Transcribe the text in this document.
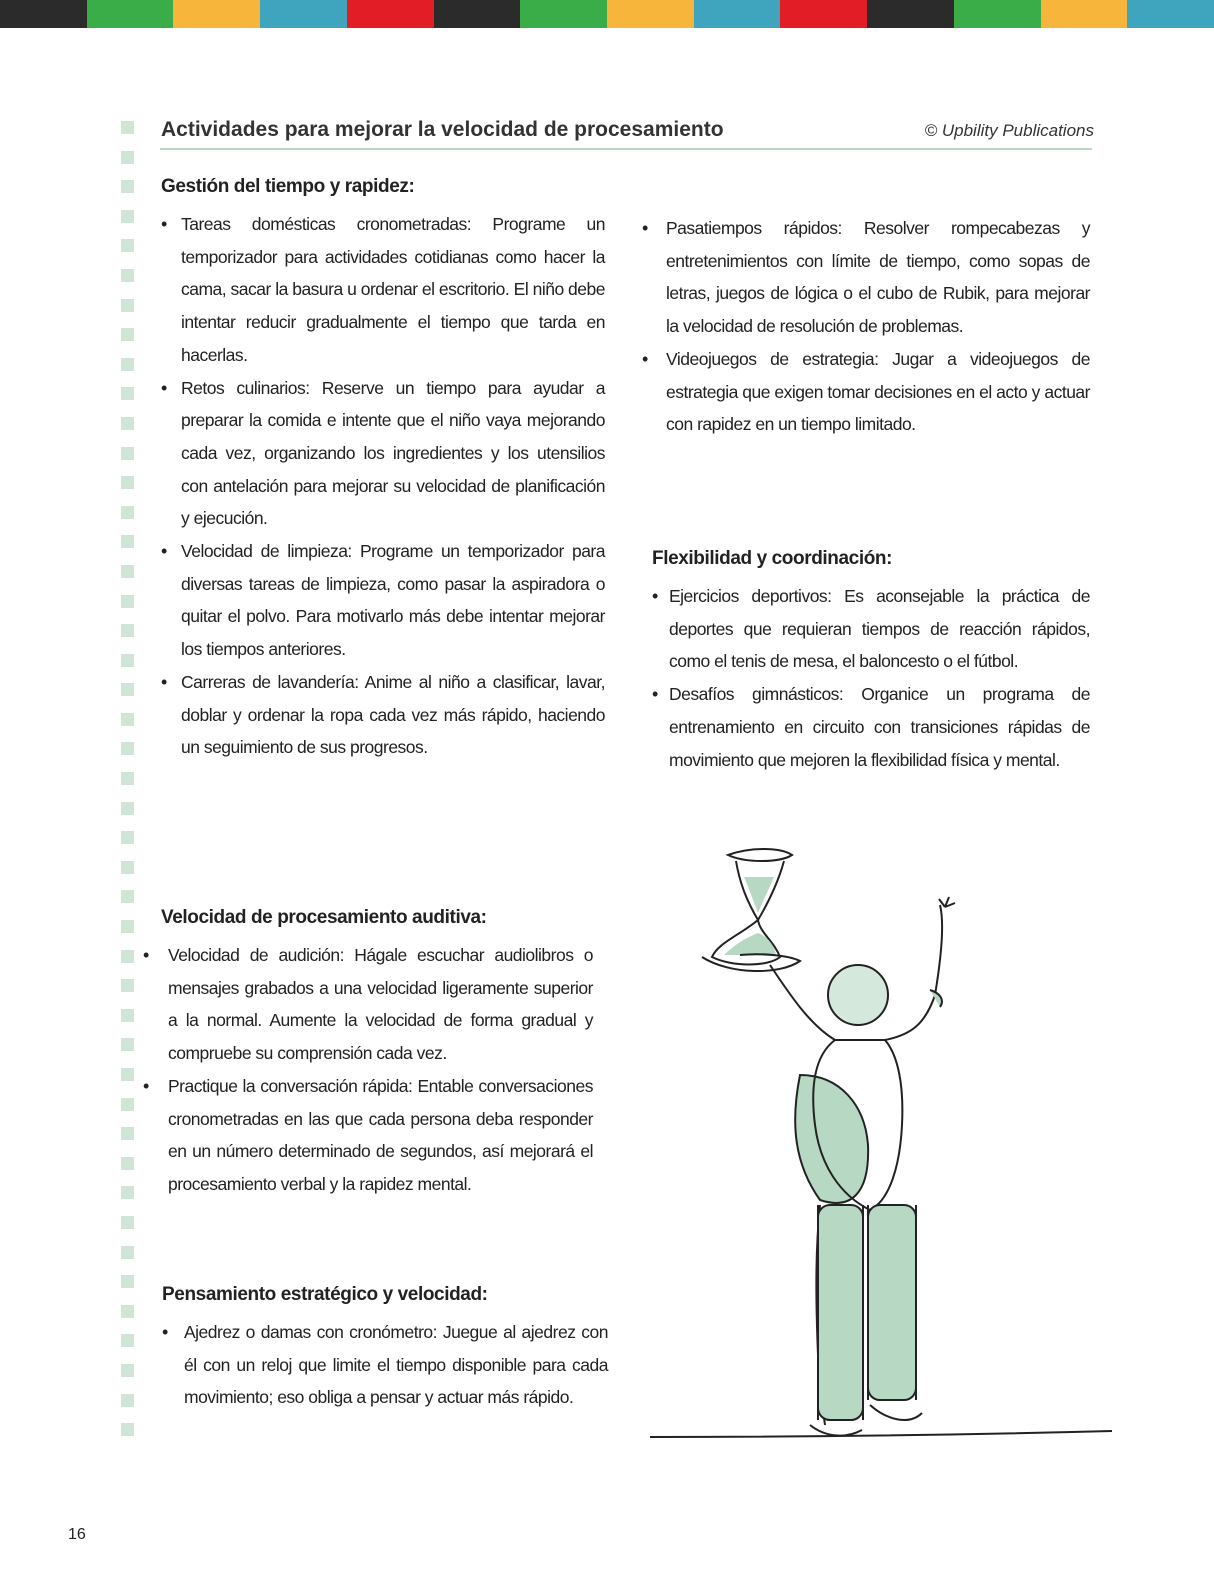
Actividades para mejorar la velocidad de procesamiento	© Upbility Publications
Gestión del tiempo y rapidez:
• Tareas domésticas cronometradas: Programe un temporizador para actividades cotidianas como hacer la cama, sacar la basura u ordenar el escritorio. El niño debe intentar reducir gradualmente el tiempo que tarda en hacerlas.
• Retos culinarios: Reserve un tiempo para ayudar a preparar la comida e intente que el niño vaya mejorando cada vez, organizando los ingredientes y los utensilios con antelación para mejorar su velocidad de planificación y ejecución.
• Velocidad de limpieza: Programe un temporizador para diversas tareas de limpieza, como pasar la aspiradora o quitar el polvo. Para motivarlo más debe intentar mejorar los tiempos anteriores.
• Carreras de lavandería: Anime al niño a clasificar, lavar, doblar y ordenar la ropa cada vez más rápido, haciendo un seguimiento de sus progresos.
• Pasatiempos rápidos: Resolver rompecabezas y entretenimientos con límite de tiempo, como sopas de letras, juegos de lógica o el cubo de Rubik, para mejorar la velocidad de resolución de problemas.
• Videojuegos de estrategia: Jugar a videojuegos de estrategia que exigen tomar decisiones en el acto y actuar con rapidez en un tiempo limitado.
Flexibilidad y coordinación:
• Ejercicios deportivos: Es aconsejable la práctica de deportes que requieran tiempos de reacción rápidos, como el tenis de mesa, el baloncesto o el fútbol.
• Desafíos gimnásticos: Organice un programa de entrenamiento en circuito con transiciones rápidas de movimiento que mejoren la flexibilidad física y mental.
Velocidad de procesamiento auditiva:
• Velocidad de audición: Hágale escuchar audiolibros o mensajes grabados a una velocidad ligeramente superior a la normal. Aumente la velocidad de forma gradual y compruebe su comprensión cada vez.
• Practique la conversación rápida: Entable conversaciones cronometradas en las que cada persona deba responder en un número determinado de segundos, así mejorará el procesamiento verbal y la rapidez mental.
Pensamiento estratégico y velocidad:
• Ajedrez o damas con cronómetro: Juegue al ajedrez con él con un reloj que limite el tiempo disponible para cada movimiento; eso obliga a pensar y actuar más rápido.
16
